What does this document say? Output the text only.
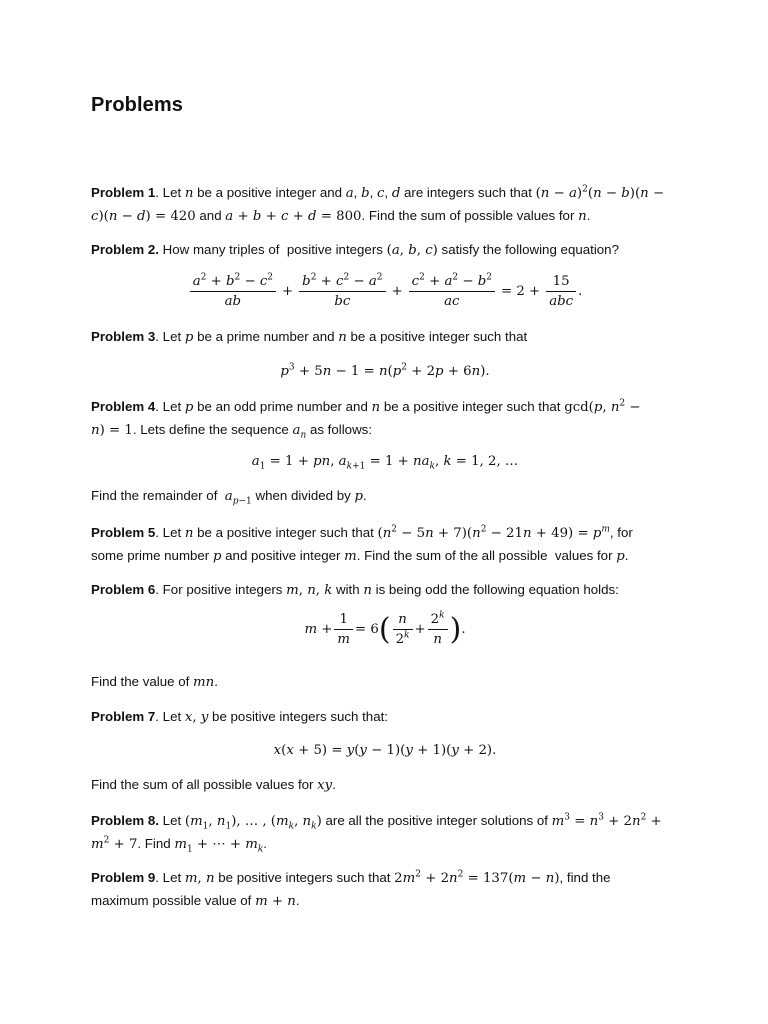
Problems
Problem 1. Let n be a positive integer and a, b, c, d are integers such that $(n - a)^2(n - b)(n$ −
c)(n − d) = 420 and a + b + c + d = 800. Find the sum of possible values for n.
Problem 2. How many triples of  positive integers (a, b, c) satisfy the following equation?
$\frac{a^2 + b^2 - c^2}{ab} + \frac{b^2 + c^2 - a^2}{bc} + \frac{c^2 + a^2 - b^2}{ac} = 2 + \frac{15}{\text{abc}}$ .
Problem 3. Let p be a prime number and n be a positive integer such that
$p^3 + 5n - 1 = n(p^2 + 2p + 6n)$.
Problem 4. Let p be an odd prime number and n be a positive integer such that gcd(p, $n^2$ −
n) = 1. Lets define the sequence $a_n$ as follows:
$a_1 = 1$ + pn, $a_{k+1} = 1 + na_k$, k = 1, 2, …
Find the remainder of  $a_{p-1}$ when divided by p.
Problem 5. Let n be a positive integer such that $(n^2 - 5n + 7)(n^2 - 21n + 49) = p^m$, for
some prime number p and positive integer m. Find the sum of the all possible  values for p.
Problem 6. For positive integers m, n, k with n is being odd the following equation holds:
$m + \frac{1}{m} = 6( \frac{n}{2^k} + \frac{2^k}{n}$ ).
Find the value of mn.
Problem 7. Let x, y be positive integers such that:
x(x + 5) = y(y − 1)(y + 1)(y + 2).
Find the sum of all possible values for xy.
Problem 8. Let ($m_1$, $n_1$), … , ($m_k$, $n_k$) are all the positive integer solutions of $m^3 = n^3 + 2n^2$ +
$m^2 + 7$. Find $m_1$ + ⋯ + $m_k$.
Problem 9. Let m, n be positive integers such that $2m^2 + 2n^2 = 137(m - n)$, find the
maximum possible value of m + n.
